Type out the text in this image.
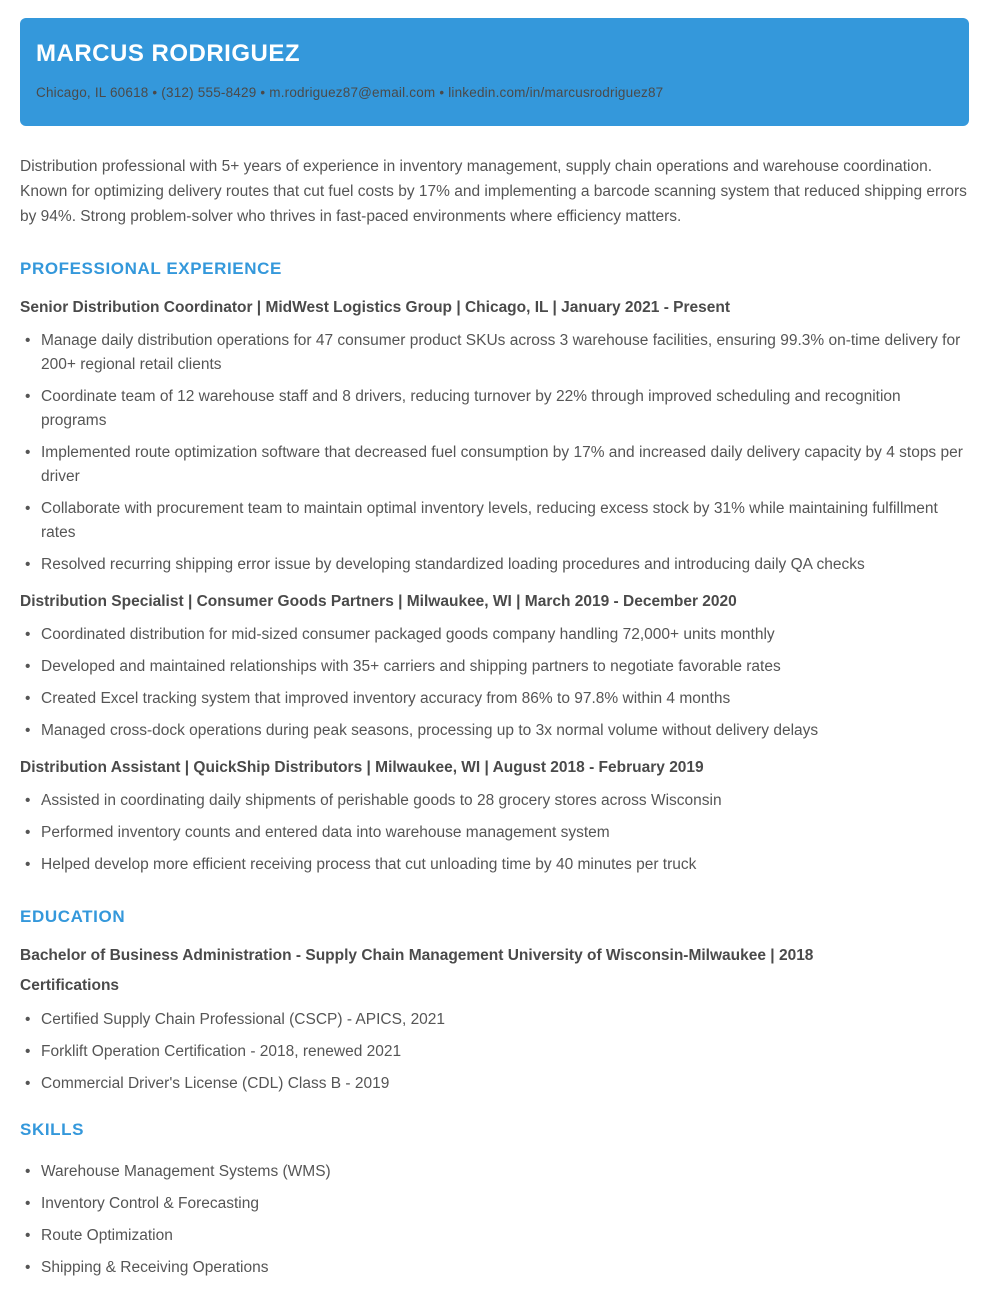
MARCUS RODRIGUEZ
Chicago, IL 60618 • (312) 555-8429 • m.rodriguez87@email.com • linkedin.com/in/marcusrodriguez87

Distribution professional with 5+ years of experience in inventory management, supply chain operations and warehouse coordination. Known for optimizing delivery routes that cut fuel costs by 17% and implementing a barcode scanning system that reduced shipping errors by 94%. Strong problem-solver who thrives in fast-paced environments where efficiency matters.

PROFESSIONAL EXPERIENCE
Senior Distribution Coordinator | MidWest Logistics Group | Chicago, IL | January 2021 - Present
• Manage daily distribution operations for 47 consumer product SKUs across 3 warehouse facilities, ensuring 99.3% on-time delivery for 200+ regional retail clients
• Coordinate team of 12 warehouse staff and 8 drivers, reducing turnover by 22% through improved scheduling and recognition programs
• Implemented route optimization software that decreased fuel consumption by 17% and increased daily delivery capacity by 4 stops per driver
• Collaborate with procurement team to maintain optimal inventory levels, reducing excess stock by 31% while maintaining fulfillment rates
• Resolved recurring shipping error issue by developing standardized loading procedures and introducing daily QA checks
Distribution Specialist | Consumer Goods Partners | Milwaukee, WI | March 2019 - December 2020
• Coordinated distribution for mid-sized consumer packaged goods company handling 72,000+ units monthly
• Developed and maintained relationships with 35+ carriers and shipping partners to negotiate favorable rates
• Created Excel tracking system that improved inventory accuracy from 86% to 97.8% within 4 months
• Managed cross-dock operations during peak seasons, processing up to 3x normal volume without delivery delays
Distribution Assistant | QuickShip Distributors | Milwaukee, WI | August 2018 - February 2019
• Assisted in coordinating daily shipments of perishable goods to 28 grocery stores across Wisconsin
• Performed inventory counts and entered data into warehouse management system
• Helped develop more efficient receiving process that cut unloading time by 40 minutes per truck
EDUCATION
Bachelor of Business Administration - Supply Chain Management University of Wisconsin-Milwaukee | 2018
Certifications
• Certified Supply Chain Professional (CSCP) - APICS, 2021
• Forklift Operation Certification - 2018, renewed 2021
• Commercial Driver's License (CDL) Class B - 2019
SKILLS
• Warehouse Management Systems (WMS)
• Inventory Control & Forecasting
• Route Optimization
• Shipping & Receiving Operations
